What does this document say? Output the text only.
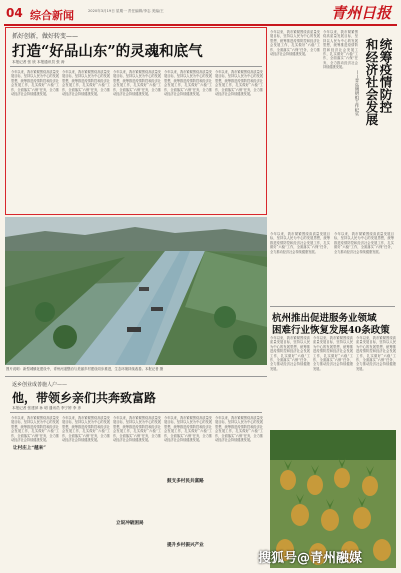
04 综合新闻	2020年3月19日 星期一 责任编辑/李志 美编/王	青州日报
抓好创新，做好转变——
打造“好品山东”的灵魂和底气
本报记者 张 欣 本报通讯员 张 涛
今年以来，我市紧紧围绕高质量发展目标，坚持以人民为中心的发展思想，统筹推进疫情防控和经济社会发展工作，扎实做好“六稳”工作，全面落实“六保”任务，全力推动经济社会持续健康发展。
今年以来，我市紧紧围绕高质量发展目标，坚持以人民为中心的发展思想，统筹推进疫情防控和经济社会发展工作，扎实做好“六稳”工作，全面落实“六保”任务，全力推动经济社会持续健康发展。
今年以来，我市紧紧围绕高质量发展目标，坚持以人民为中心的发展思想，统筹推进疫情防控和经济社会发展工作，扎实做好“六稳”工作，全面落实“六保”任务，全力推动经济社会持续健康发展。
今年以来，我市紧紧围绕高质量发展目标，坚持以人民为中心的发展思想，统筹推进疫情防控和经济社会发展工作，扎实做好“六稳”工作，全面落实“六保”任务，全力推动经济社会持续健康发展。
今年以来，我市紧紧围绕高质量发展目标，坚持以人民为中心的发展思想，统筹推进疫情防控和经济社会发展工作，扎实做好“六稳”工作，全面落实“六保”任务，全力推动经济社会持续健康发展。
今年以来，我市紧紧围绕高质量发展目标，坚持以人民为中心的发展思想，统筹推进疫情防控和经济社会发展工作，扎实做好“六稳”工作，全面落实“六保”任务，全力推动经济社会持续健康发展。
今年以来，我市紧紧围绕高质量发展目标，坚持以人民为中心的发展思想，统筹推进疫情防控和经济社会发展工作，扎实做好“六稳”工作，全面落实“六保”任务，全力推动经济社会持续健康发展。	统筹疫情防控
和经济社会发展
——青岛调研组工作纪实
今年以来，我市紧紧围绕高质量发展目标，坚持以人民为中心的发展思想，统筹推进疫情防控和经济社会发展工作，扎实做好“六稳”工作，全面落实“六保”任务，全力推动经济社会持续健康发展。
今年以来，我市紧紧围绕高质量发展目标，坚持以人民为中心的发展思想，统筹推进疫情防控和经济社会发展工作，扎实做好“六稳”工作，全面落实“六保”任务，全力推动经济社会持续健康发展。
图片说明：新型城镇化建设中，青州河道整治与美丽乡村建设同步推进，生态环境持续改善。本报记者 摄
杭州推出促进服务业领域
困难行业恢复发展40条政策
今年以来，我市紧紧围绕高质量发展目标，坚持以人民为中心的发展思想，统筹推进疫情防控和经济社会发展工作，扎实做好“六稳”工作，全面落实“六保”任务，全力推动经济社会持续健康发展。
今年以来，我市紧紧围绕高质量发展目标，坚持以人民为中心的发展思想，统筹推进疫情防控和经济社会发展工作，扎实做好“六稳”工作，全面落实“六保”任务，全力推动经济社会持续健康发展。
今年以来，我市紧紧围绕高质量发展目标，坚持以人民为中心的发展思想，统筹推进疫情防控和经济社会发展工作，扎实做好“六稳”工作，全面落实“六保”任务，全力推动经济社会持续健康发展。
返乡创业成善施人户——
他，带领乡亲们共奔致富路
本报记者 张建萍 孙 明 通讯员 李宁婷 李 彦
今年以来，我市紧紧围绕高质量发展目标，坚持以人民为中心的发展思想，统筹推进疫情防控和经济社会发展工作，扎实做好“六稳”工作，全面落实“六保”任务，全力推动经济社会持续健康发展。
今年以来，我市紧紧围绕高质量发展目标，坚持以人民为中心的发展思想，统筹推进疫情防控和经济社会发展工作，扎实做好“六稳”工作，全面落实“六保”任务，全力推动经济社会持续健康发展。
今年以来，我市紧紧围绕高质量发展目标，坚持以人民为中心的发展思想，统筹推进疫情防控和经济社会发展工作，扎实做好“六稳”工作，全面落实“六保”任务，全力推动经济社会持续健康发展。
今年以来，我市紧紧围绕高质量发展目标，坚持以人民为中心的发展思想，统筹推进疫情防控和经济社会发展工作，扎实做好“六稳”工作，全面落实“六保”任务，全力推动经济社会持续健康发展。
今年以来，我市紧紧围绕高质量发展目标，坚持以人民为中心的发展思想，统筹推进疫情防控和经济社会发展工作，扎实做好“六稳”工作，全面落实“六保”任务，全力推动经济社会持续健康发展。
让村庄上“越来”
立说冲破困局
鼓支多村民共富路
提升乡村振兴产业
搜狐号@青州融媒
